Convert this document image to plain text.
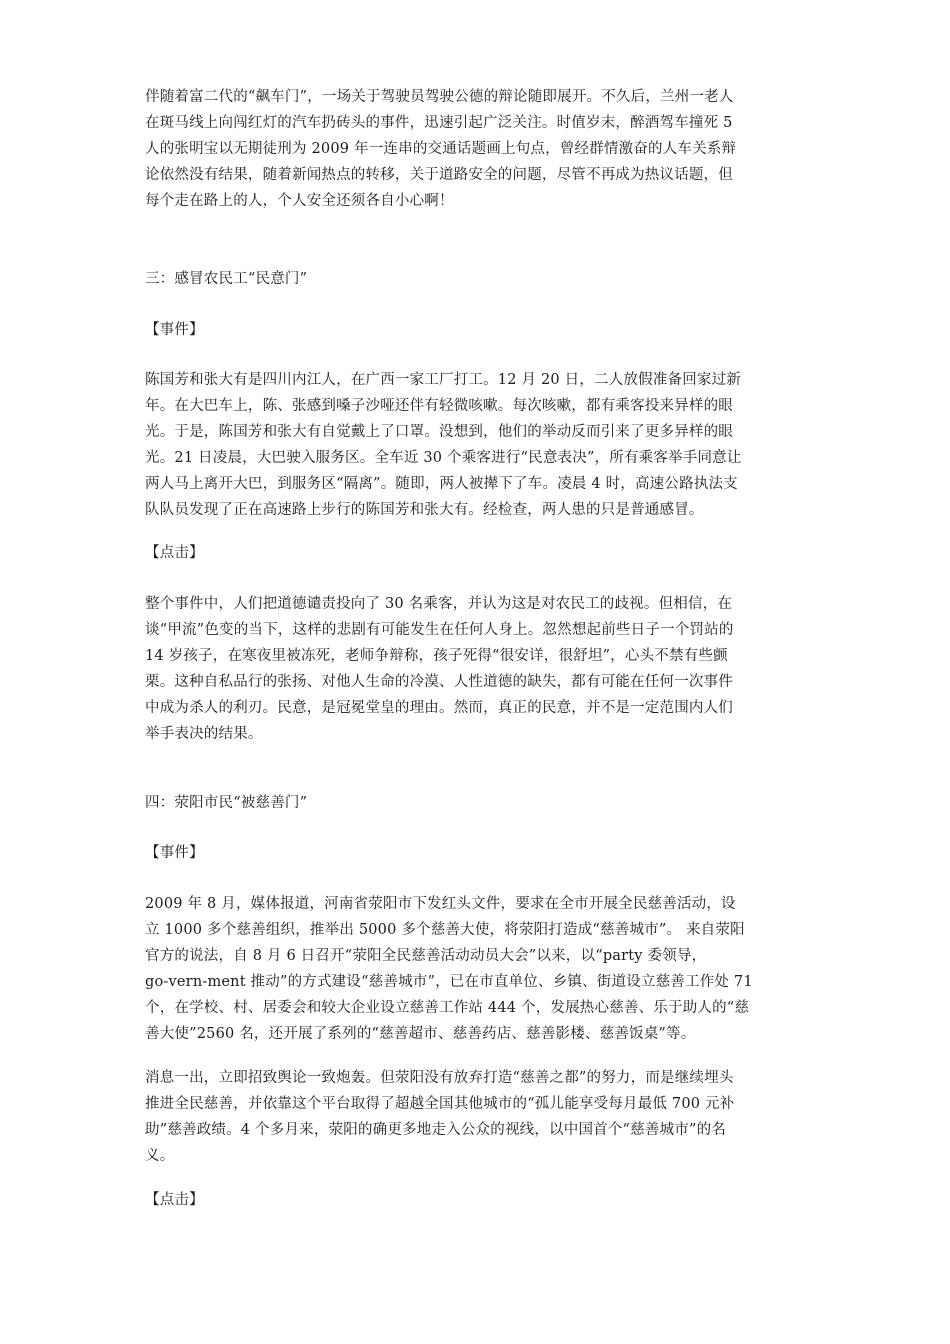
伴随着富二代的“飙车门”，一场关于驾驶员驾驶公德的辩论随即展开。不久后，兰州一老人
在斑马线上向闯红灯的汽车扔砖头的事件，迅速引起广泛关注。时值岁末，醉酒驾车撞死 5
人的张明宝以无期徒刑为 2009 年一连串的交通话题画上句点，曾经群情激奋的人车关系辩
论依然没有结果，随着新闻热点的转移，关于道路安全的问题，尽管不再成为热议话题，但
每个走在路上的人，个人安全还须各自小心啊！

三：感冒农民工“民意门”

【事件】

陈国芳和张大有是四川内江人，在广西一家工厂打工。12 月 20 日，二人放假准备回家过新
年。在大巴车上，陈、张感到嗓子沙哑还伴有轻微咳嗽。每次咳嗽，都有乘客投来异样的眼
光。于是，陈国芳和张大有自觉戴上了口罩。没想到，他们的举动反而引来了更多异样的眼
光。21 日凌晨，大巴驶入服务区。全车近 30 个乘客进行“民意表决”，所有乘客举手同意让
两人马上离开大巴，到服务区“隔离”。随即，两人被撵下了车。凌晨 4 时，高速公路执法支
队队员发现了正在高速路上步行的陈国芳和张大有。经检查，两人患的只是普通感冒。

【点击】

整个事件中，人们把道德谴责投向了 30 名乘客，并认为这是对农民工的歧视。但相信，在
谈“甲流”色变的当下，这样的悲剧有可能发生在任何人身上。忽然想起前些日子一个罚站的
14 岁孩子，在寒夜里被冻死，老师争辩称，孩子死得“很安详，很舒坦”，心头不禁有些颤
栗。这种自私品行的张扬、对他人生命的冷漠、人性道德的缺失，都有可能在任何一次事件
中成为杀人的利刃。民意，是冠冕堂皇的理由。然而，真正的民意，并不是一定范围内人们
举手表决的结果。

四：荥阳市民“被慈善门”

【事件】

2009 年 8 月，媒体报道，河南省荥阳市下发红头文件，要求在全市开展全民慈善活动，设
立 1000 多个慈善组织，推举出 5000 多个慈善大使，将荥阳打造成“慈善城市”。 来自荥阳
官方的说法，自 8 月 6 日召开“荥阳全民慈善活动动员大会”以来，以“party 委领导，
go-vern-ment 推动”的方式建设“慈善城市”，已在市直单位、乡镇、街道设立慈善工作处 71
个，在学校、村、居委会和较大企业设立慈善工作站 444 个，发展热心慈善、乐于助人的“慈
善大使”2560 名，还开展了系列的“慈善超市、慈善药店、慈善影楼、慈善饭桌”等。

消息一出，立即招致舆论一致炮轰。但荥阳没有放弃打造“慈善之都”的努力，而是继续埋头
推进全民慈善，并依靠这个平台取得了超越全国其他城市的“孤儿能享受每月最低 700 元补
助”慈善政绩。4 个多月来，荥阳的确更多地走入公众的视线，以中国首个“慈善城市”的名
义。

【点击】
